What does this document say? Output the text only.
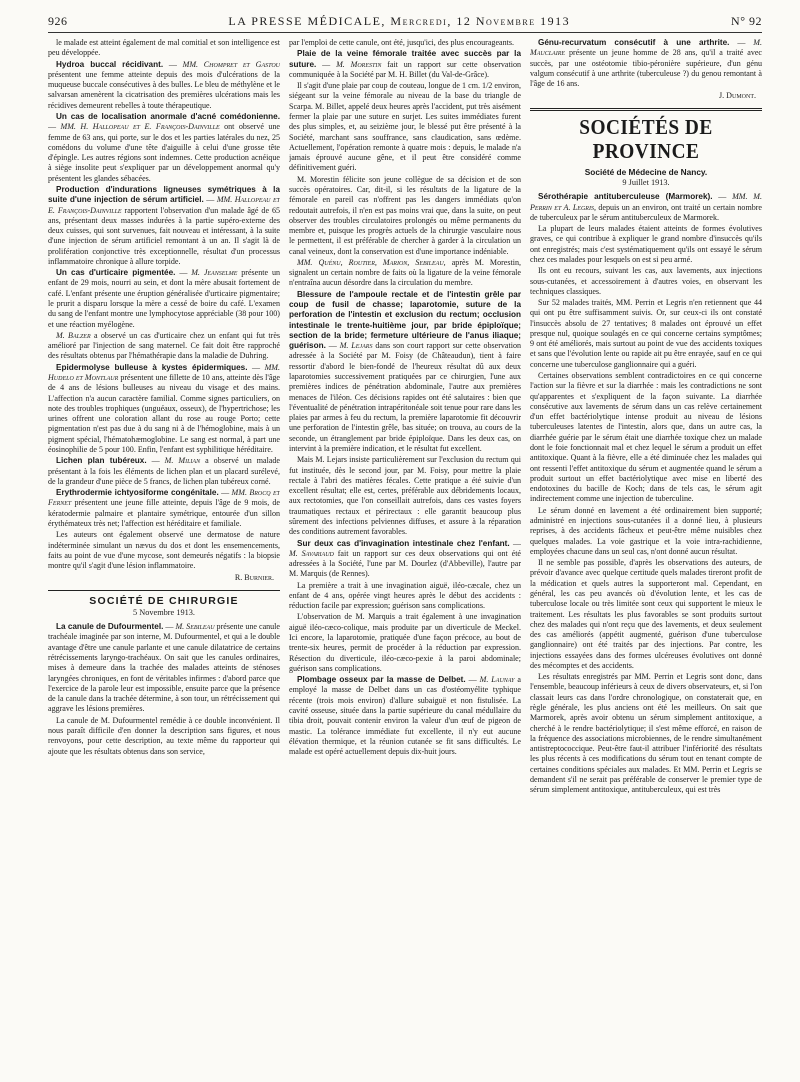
926	LA PRESSE MÉDICALE, Mercredi, 12 Novembre 1913	N° 92

le malade est atteint également de mal comitial et son intelligence est peu développée.

Hydroa buccal récidivant. — MM. Chompret et Gastou présentent une femme atteinte depuis des mois d'ulcérations de la muqueuse buccale consécutives à des bulles. Le bleu de méthylène et le salvarsan amenèrent la cicatrisation des premières ulcérations mais les récidives demeurent rebelles à toute thérapeutique.

Un cas de localisation anormale d'acné comédonienne. — MM. H. Hallopeau et E. François-Dainville ont observé une femme de 63 ans, qui porte, sur le dos et les parties latérales du nez, 25 comédons du volume d'une tête d'aiguille à celui d'une grosse tête d'épingle. Les autres régions sont indemnes. Cette production acnéique à siège insolite peut s'expliquer par un développement anormal qu'y présentent les glandes sébacées.

Production d'indurations ligneuses symétriques à la suite d'une injection de sérum artificiel. — MM. Hallopeau et E. François-Dainville rapportent l'observation d'un malade âgé de 65 ans, présentant deux masses indurées à la partie supéro-externe des deux cuisses, qui sont survenues, fait nouveau et intéressant, à la suite d'une injection de sérum artificiel remontant à un an. Il s'agit là de prolifération conjonctive très exceptionnelle, résultat d'un processus inflammatoire chronique à allure torpide.

Un cas d'urticaire pigmentée. — M. Jeanselme présente un enfant de 29 mois, nourri au sein, et dont la mère abusait fortement de café. L'enfant présente une éruption généralisée d'urticaire pigmentaire; le prurit a disparu lorsque la mère a cessé de boire du café. L'examen du sang de l'enfant montre une lymphocytose appréciable (38 pour 100) et une réaction myélogène.

M. Balzer a observé un cas d'urticaire chez un enfant qui fut très amélioré par l'injection de sang maternel. Ce fait doit être rapproché des résultats obtenus par l'hémathérapie dans la maladie de Duhring.

Epidermolyse bulleuse à kystes épidermiques. — MM. Hudelo et Montlaur présentent une fillette de 10 ans, atteinte dès l'âge de 4 ans de lésions bulleuses au niveau du visage et des mains. L'affection n'a aucun caractère familial. Comme signes particuliers, on note des troubles trophiques (unguéaux, osseux), de l'hypertrichose; les urines offrent une coloration allant du rose au rouge Porto; cette pigmentation n'est pas due à du sang ni à de l'hémoglobine, mais à un pigment spécial, l'hématohæmoglobine. Le sang est normal, à part une éosinophilie de 5 pour 100. Enfin, l'enfant est syphilitique héréditaire.

Lichen plan tubéreux. — M. Milian a observé un malade présentant à la fois les éléments de lichen plan et un placard surélevé, de la grandeur d'une pièce de 5 francs, de lichen plan tubéreux corné.

Erythrodermie ichtyosiforme congénitale. — MM. Brocq et Fernet présentent une jeune fille atteinte, depuis l'âge de 9 mois, de kératodermie palmaire et plantaire symétrique, entourée d'un sillon érythémateux très net; l'affection est héréditaire et familiale.

Les auteurs ont également observé une dermatose de nature indéterminée simulant un nævus du dos et dont les ensemencements, faits au point de vue d'une mycose, sont demeurés négatifs : la biopsie montre qu'il s'agit d'une lésion inflammatoire.

R. Burnier.
SOCIÉTÉ DE CHIRURGIE
5 Novembre 1913.

La canule de Dufourmentel. — M. Sebileau présente une canule trachéale imaginée par son interne, M. Dufourmentel, et qui a le double avantage d'être une canule parlante et une canule dilatatrice de certains rétrécissements laryngo-trachéaux. On sait que les canules ordinaires, mises à demeure dans la trachée des malades atteints de sténoses laryngées chroniques, en font de véritables infirmes : d'abord parce que l'exercice de la parole leur est impossible, ensuite parce que la présence de la canule dans la trachée détermine, à son tour, un rétrécissement qui aggrave les lésions premières.

La canule de M. Dufourmentel remédie à ce double inconvénient. Il nous paraît difficile d'en donner la description sans figures, et nous renvoyons, pour cette description, au texte même du rapporteur qui ajoute que les résultats obtenus dans son service,

par l'emploi de cette canule, ont été, jusqu'ici, des plus encourageants.

Plaie de la veine fémorale traitée avec succès par la suture. — M. Morestin fait un rapport sur cette observation communiquée à la Société par M. H. Billet (du Val-de-Grâce).

Il s'agit d'une plaie par coup de couteau, longue de 1 cm. 1/2 environ, siégeant sur la veine fémorale au niveau de la base du triangle de Scarpa. M. Billet, appelé deux heures après l'accident, put très aisément fermer la plaie par une suture en surjet. Les suites immédiates furent des plus simples, et, au seizième jour, le blessé put être présenté à la Société, marchant sans souffrance, sans claudication, sans œdème. Actuellement, l'opération remonte à quatre mois : depuis, le malade n'a jamais éprouvé aucune gêne, et il peut être considéré comme définitivement guéri.

M. Morestin félicite son jeune collègue de sa décision et de son succès opératoires. Car, dit-il, si les résultats de la ligature de la fémorale en pareil cas n'offrent pas les dangers immédiats qu'on redoutait autrefois, il n'en est pas moins vrai que, dans la suite, on peut observer des troubles circulatoires prolongés ou même permanents du membre et, puisque les progrès actuels de la chirurgie vasculaire nous le permettent, il est préférable de chercher à garder à la circulation un canal veineux, dont la conservation est d'une importance indéniable.

MM. Quénu, Routier, Marion, Sebileau, après M. Morestin, signalent un certain nombre de faits où la ligature de la veine fémorale n'entraîna aucun désordre dans la circulation du membre.

Blessure de l'ampoule rectale et de l'intestin grêle par coup de fusil de chasse; laparotomie, suture de la perforation de l'intestin et exclusion du rectum; occlusion intestinale le trente-huitième jour, par bride épiploïque; section de la bride; fermeture ultérieure de l'anus iliaque; guérison. — M. Lejars dans son court rapport sur cette observation adressée à la Société par M. Foisy (de Châteaudun), tient à faire ressortir d'abord le bien-fondé de l'heureux résultat dû aux deux laparotomies successivement pratiquées par ce chirurgien, l'une aux premières indices de pénétration abdominale, l'autre aux premières menaces de l'iléon. Ces décisions rapides ont été salutaires : bien que l'éventualité de pénétration intrapéritonéale soit tenue pour rare dans les plaies par armes à feu du rectum, la première laparotomie fit découvrir une perforation de l'intestin grêle, bas située; on trouva, au cours de la seconde, un étranglement par bride épiploïque. Dans les deux cas, on intervint à la première indication, et le résultat fut excellent.

Mais M. Lejars insiste particulièrement sur l'exclusion du rectum qui fut instituée, dès le second jour, par M. Foisy, pour mettre la plaie rectale à l'abri des matières fécales. Cette pratique a été suivie d'un excellent résultat; elle est, certes, préférable aux débridements locaux, aux rectotomies, que l'on conseillait autrefois, dans ces vastes foyers traumatiques rectaux et périrectaux : elle garantit beaucoup plus sûrement des infections pelviennes diffuses, et assure à la réparation des conditions autrement favorables.

Sur deux cas d'invagination intestinale chez l'enfant. — M. Savariaud fait un rapport sur ces deux observations qui ont été adressées à la Société, l'une par M. Dourlez (d'Abbeville), l'autre par M. Marquis (de Rennes).

La première a trait à une invagination aiguë, iléo-cæcale, chez un enfant de 4 ans, opérée vingt heures après le début des accidents : réduction facile par expression; guérison sans complications.

L'observation de M. Marquis a trait également à une invagination aiguë iléo-cæco-colique, mais produite par un diverticule de Meckel. Ici encore, la laparotomie, pratiquée d'une façon précoce, au bout de trente-six heures, permit de procéder à la réduction par expression. Résection du diverticule, iléo-cæco-pexie à la paroi abdominale; guérison sans complications.

Plombage osseux par la masse de Delbet. — M. Launay a employé la masse de Delbet dans un cas d'ostéomyélite typhique récente (trois mois environ) d'allure subaiguë et non fistulisée. La cavité osseuse, située dans la partie supérieure du canal médullaire du tibia droit, pouvait contenir environ la valeur d'un œuf de pigeon de mastic. La tolérance immédiate fut excellente, il n'y eut aucune élévation thermique, et la réunion cutanée se fit sans difficultés. Le malade est opéré actuellement depuis dix-huit jours.

Génu-recurvatum consécutif à une arthrite. — M. Mauclaire présente un jeune homme de 28 ans, qu'il a traité avec succès, par une ostéotomie tibio-péronière supérieure, d'un génu valgum consécutif à une arthrite (tuberculeuse ?) du genou remontant à l'âge de 16 ans.

J. Dumont.
SOCIÉTÉS DE PROVINCE
Société de Médecine de Nancy.
9 Juillet 1913.

Sérothérapie antituberculeuse (Marmorek). — MM. M. Perrin et A. Legris, depuis un an environ, ont traité un certain nombre de tuberculeux par le sérum antituberculeux de Marmorek.

La plupart de leurs malades étaient atteints de formes évolutives graves, ce qui contribue à expliquer le grand nombre d'insuccès qu'ils ont enregistrés; mais c'est systématiquement qu'ils ont essayé le sérum chez ces malades pour lesquels on est si peu armé.

Ils ont eu recours, suivant les cas, aux lavements, aux injections sous-cutanées, et accessoirement à d'autres voies, en observant les techniques classiques.

Sur 52 malades traités, MM. Perrin et Legris n'en retiennent que 44 qui ont pu être suffisamment suivis. Or, sur ceux-ci ils ont constaté l'insuccès absolu de 27 tentatives; 8 malades ont éprouvé un effet presque nul, quoique soulagés en ce qui concerne certains symptômes; 9 ont été améliorés, mais surtout au point de vue des accidents toxiques et sans que l'évolution lente ou rapide ait pu être enrayée, sauf en ce qui concerne une tuberculose ganglionnaire qui a guéri.

Certaines observations semblent contradictoires en ce qui concerne l'action sur la fièvre et sur la diarrhée : mais les contradictions ne sont qu'apparentes et s'expliquent de la façon suivante. La diarrhée consécutive aux lavements de sérum dans un cas relève certainement d'un effet bactériolytique intense produit au niveau de lésions tuberculeuses latentes de l'intestin, alors que, dans un autre cas, la diarrhée guérie par le sérum était une diarrhée toxique chez un malade dont le foie fonctionnait mal et chez lequel le sérum a produit un effet antitoxique. Quant à la fièvre, elle a été diminuée chez les malades qui ont ressenti l'effet antitoxique du sérum et augmentée quand le sérum a produit surtout un effet bactériolytique avec mise en liberté des endotoxines du bacille de Koch; dans de tels cas, le sérum agit indirectement comme une injection de tuberculine.

Le sérum donné en lavement a été ordinairement bien supporté; administré en injections sous-cutanées il a donné lieu, à plusieurs reprises, à des accidents fâcheux et peut-être même nuisibles chez quelques malades. La voie gastrique et la voie intra-rachidienne, employées chacune dans un seul cas, n'ont donné aucun résultat.

Il ne semble pas possible, d'après les observations des auteurs, de prévoir d'avance avec quelque certitude quels malades tireront profit de la médication et quels autres la supporteront mal. Cependant, en général, les cas peu avancés où d'évolution lente, et les cas de tuberculose locale ou très limitée sont ceux qui supportent le mieux le traitement. Les résultats les plus favorables se sont produits surtout chez des malades qui n'ont reçu que des lavements, et deux seulement des cas améliorés (appétit augmenté, guérison d'une tuberculose ganglionnaire) ont été traités par des injections. Par contre, les injections essayées dans des formes ulcéreuses évolutives ont donné des mécomptes et des accidents.

Les résultats enregistrés par MM. Perrin et Legris sont donc, dans l'ensemble, beaucoup inférieurs à ceux de divers observateurs, et, si l'on classait leurs cas dans l'ordre chronologique, on constaterait que, en règle générale, les plus anciens ont été les meilleurs. On sait que Marmorek, après avoir obtenu un sérum simplement antitoxique, a cherché à le rendre bactériolytique; il s'est même efforcé, en raison de la fréquence des associations microbiennes, de le rendre simultanément antistreptococcique. Peut-être faut-il attribuer l'infériorité des résultats les plus récents à ces modifications du sérum tout en tenant compte de certaines conditions spéciales aux malades. Et MM. Perrin et Legris se demandent s'il ne serait pas préférable de conserver le premier type de sérum simplement antitoxique, antituberculeux, qui est très
